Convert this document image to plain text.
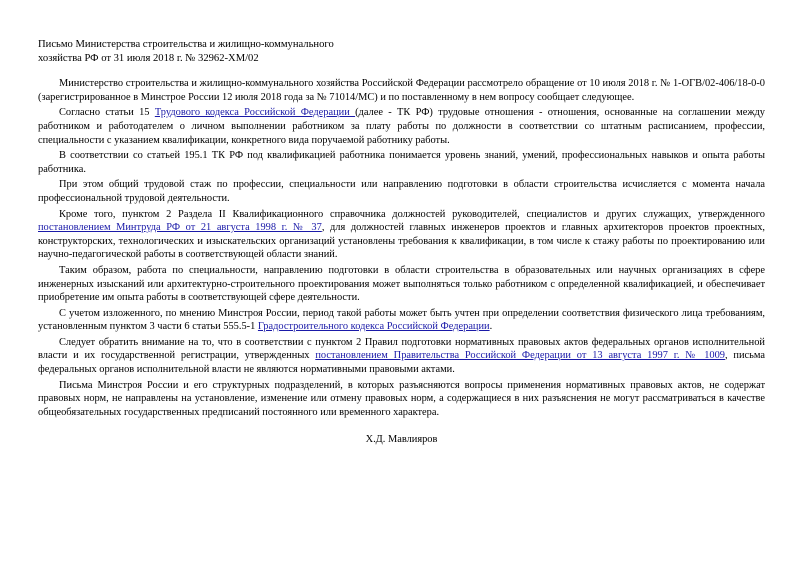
Письмо Министерства строительства и жилищно-коммунального
хозяйства РФ от 31 июля 2018 г. № 32962-ХМ/02

Министерство строительства и жилищно-коммунального хозяйства Российской Федерации рассмотрело обращение от 10 июля 2018 г. № 1-ОГВ/02-406/18-0-0 (зарегистрированное в Минстрое России 12 июля 2018 года за № 71014/МС) и по поставленному в нем вопросу сообщает следующее.

Согласно статьи 15 Трудового кодекса Российской Федерации (далее - ТК РФ) трудовые отношения - отношения, основанные на соглашении между работником и работодателем о личном выполнении работником за плату работы по должности в соответствии со штатным расписанием, профессии, специальности с указанием квалификации, конкретного вида поручаемой работнику работы.

В соответствии со статьей 195.1 ТК РФ под квалификацией работника понимается уровень знаний, умений, профессиональных навыков и опыта работы работника.

При этом общий трудовой стаж по профессии, специальности или направлению подготовки в области строительства исчисляется с момента начала профессиональной трудовой деятельности.

Кроме того, пунктом 2 Раздела II Квалификационного справочника должностей руководителей, специалистов и других служащих, утвержденного постановлением Минтруда РФ от 21 августа 1998 г. № 37, для должностей главных инженеров проектов и главных архитекторов проектов проектных, конструкторских, технологических и изыскательских организаций установлены требования к квалификации, в том числе к стажу работы по проектированию или научно-педагогической работы в соответствующей области знаний.

Таким образом, работа по специальности, направлению подготовки в области строительства в образовательных или научных организациях в сфере инженерных изысканий или архитектурно-строительного проектирования может выполняться только работником с определенной квалификацией, и обеспечивает приобретение им опыта работы в соответствующей сфере деятельности.

С учетом изложенного, по мнению Минстроя России, период такой работы может быть учтен при определении соответствия физического лица требованиям, установленным пунктом 3 части 6 статьи 555.5-1 Градостроительного кодекса Российской Федерации.

Следует обратить внимание на то, что в соответствии с пунктом 2 Правил подготовки нормативных правовых актов федеральных органов исполнительной власти и их государственной регистрации, утвержденных постановлением Правительства Российской Федерации от 13 августа 1997 г. № 1009, письма федеральных органов исполнительной власти не являются нормативными правовыми актами.

Письма Минстроя России и его структурных подразделений, в которых разъясняются вопросы применения нормативных правовых актов, не содержат правовых норм, не направлены на установление, изменение или отмену правовых норм, а содержащиеся в них разъяснения не могут рассматриваться в качестве общеобязательных государственных предписаний постоянного или временного характера.

Х.Д. Мавлияров
